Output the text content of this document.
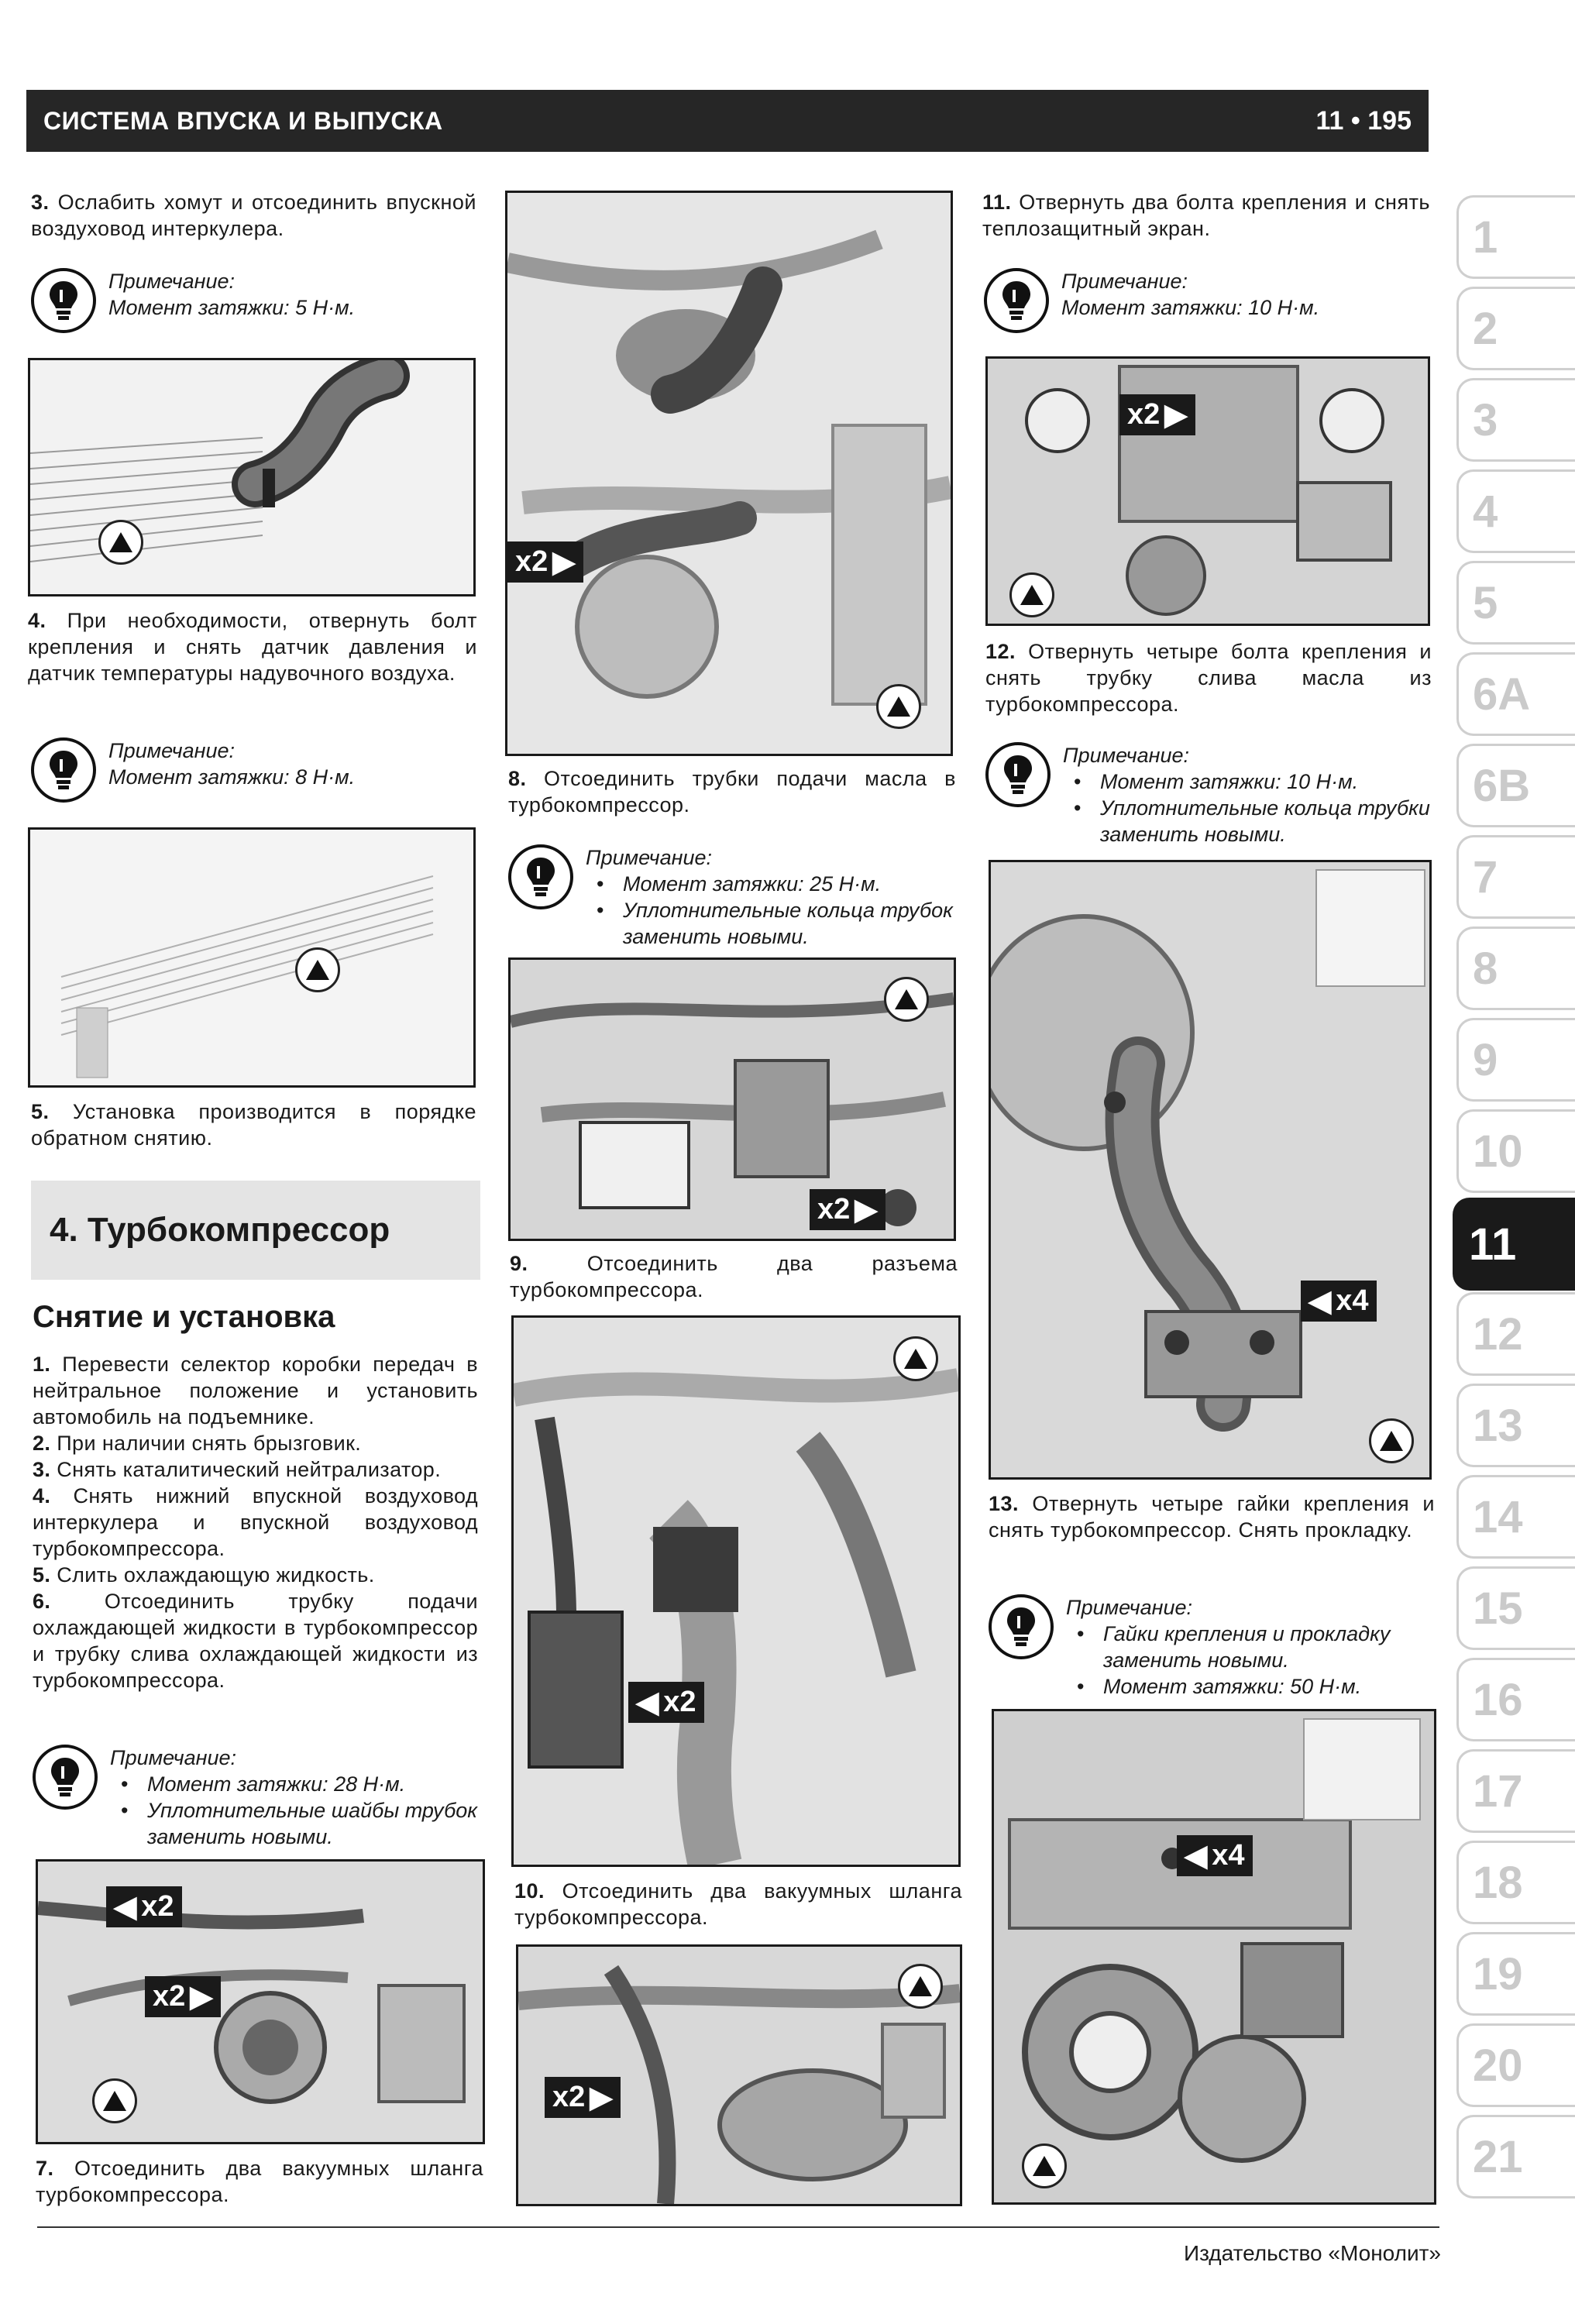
СИСТЕМА ВПУСКА И ВЫПУСКА	11 • 195
3. Ослабить хомут и отсоединить впускной воздуховод интеркулера.
Примечание:
Момент затяжки: 5 Н·м.
4. При необходимости, отвернуть болт крепления и снять датчик давления и датчик температуры надувочного воздуха.
Примечание:
Момент затяжки: 8 Н·м.
5. Установка производится в порядке обратном снятию.
4. Турбокомпрессор
Снятие и установка
1. Перевести селектор коробки передач в нейтральное положение и установить автомобиль на подъемнике.
2. При наличии снять брызговик.
3. Снять каталитический нейтрализатор.
4. Снять нижний впускной воздуховод интеркулера и впускной воздуховод турбокомпрессора.
5. Слить охлаждающую жидкость.
6.	Отсоединить трубку подачи охлаждающей жидкости в турбокомпрессор и трубку слива охлаждающей жидкости из турбокомпрессора.
Примечание:
• Момент затяжки: 28 Н·м.
• Уплотнительные шайбы трубок заменить новыми.
◀ x2
x2 ▶
7. Отсоединить два вакуумных шланга турбокомпрессора.
x2 ▶
8. Отсоединить трубки подачи масла в турбокомпрессор.
Примечание:
• Момент затяжки: 25 Н·м.
• Уплотнительные кольца трубок заменить новыми.
x2 ▶
9.	Отсоединить два разъема турбокомпрессора.
◀ x2
10. Отсоединить два вакуумных шланга турбокомпрессора.
x2 ▶
11. Отвернуть два болта крепления и снять теплозащитный экран.
Примечание:
Момент затяжки: 10 Н·м.
x2 ▶
12. Отвернуть четыре болта крепления и снять трубку слива масла из турбокомпрессора.
Примечание:
• Момент затяжки: 10 Н·м.
• Уплотнительные кольца трубки заменить новыми.
◀ x4
13. Отвернуть четыре гайки крепления и снять турбокомпрессор. Снять прокладку.
Примечание:
• Гайки крепления и прокладку заменить новыми.
• Момент затяжки: 50 Н·м.
◀ x4
1
2
3
4
5
6A
6B
7
8
9
10
11
12
13
14
15
16
17
18
19
20
21
Издательство «Монолит»
